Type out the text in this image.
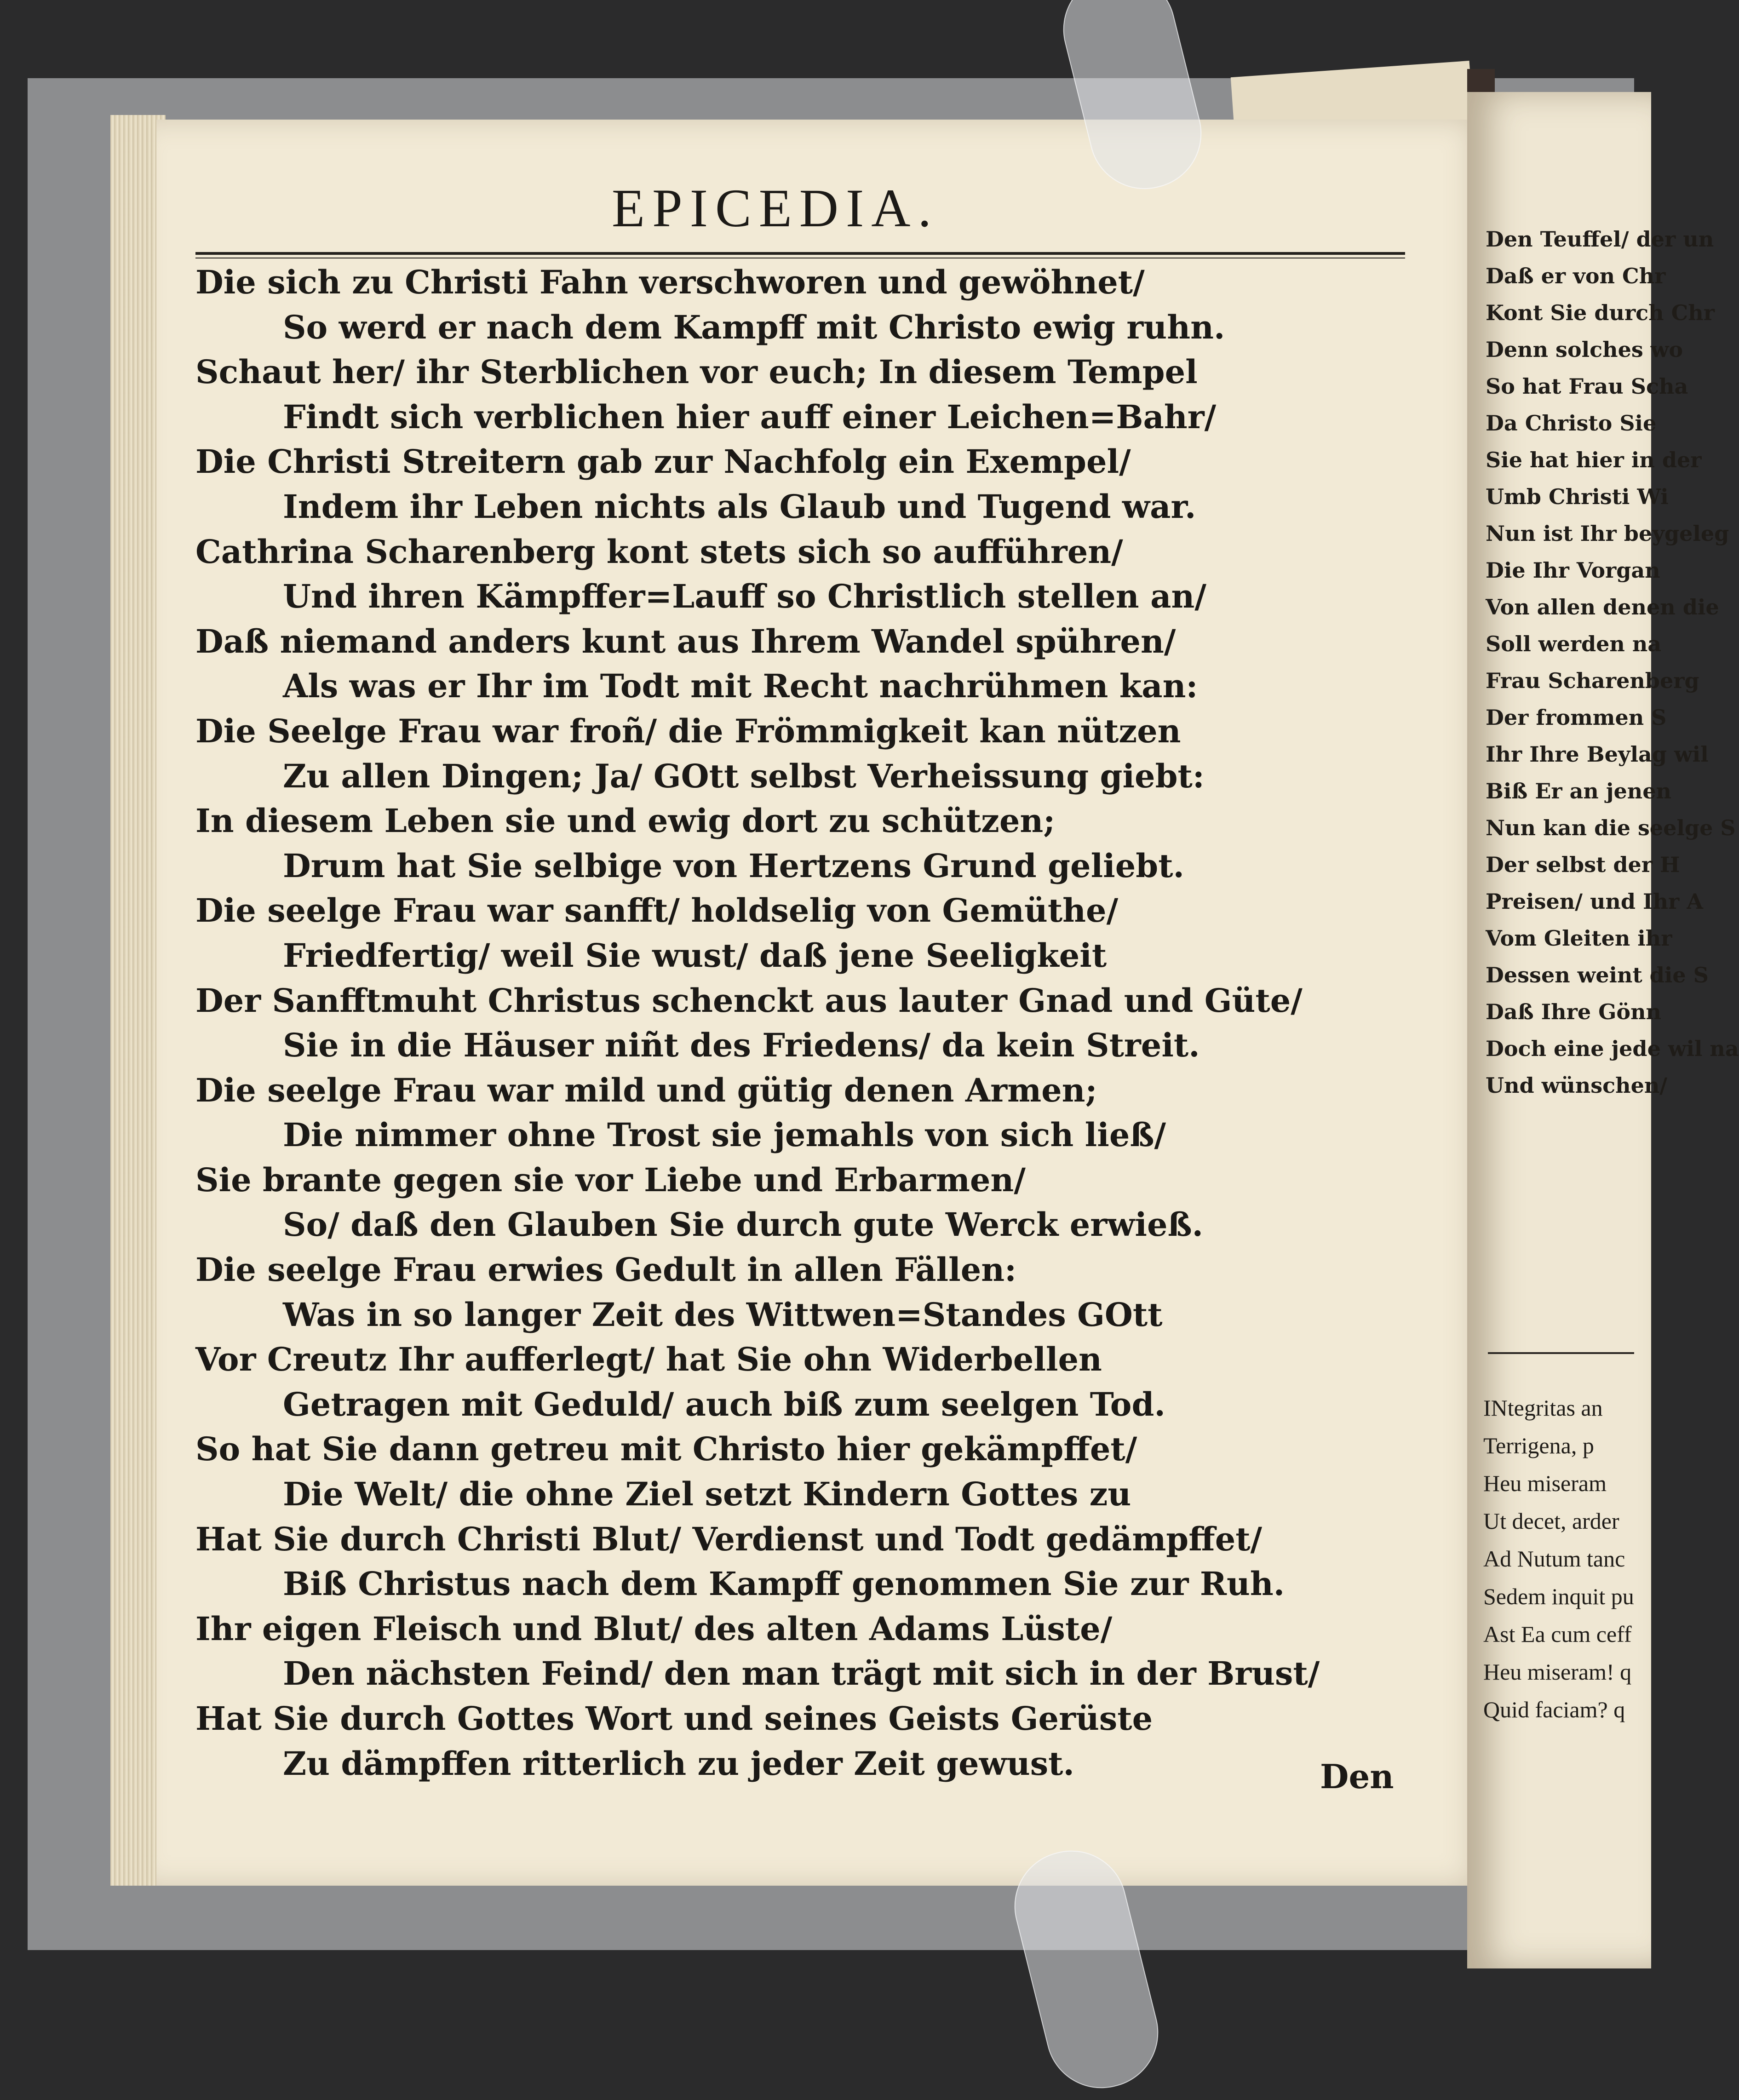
EPICEDIA.
Die sich zu Christi Fahn verschworen und gewöhnet/
So werd er nach dem Kampff mit Christo ewig ruhn.
Schaut her/ ihr Sterblichen vor euch; In diesem Tempel
Findt sich verblichen hier auff einer Leichen=Bahr/
Die Christi Streitern gab zur Nachfolg ein Exempel/
Indem ihr Leben nichts als Glaub und Tugend war.
Cathrina Scharenberg kont stets sich so aufführen/
Und ihren Kämpffer=Lauff so Christlich stellen an/
Daß niemand anders kunt aus Ihrem Wandel spühren/
Als was er Ihr im Todt mit Recht nachrühmen kan:
Die Seelge Frau war froñ/ die Frömmigkeit kan nützen
Zu allen Dingen; Ja/ GOtt selbst Verheissung giebt:
In diesem Leben sie und ewig dort zu schützen;
Drum hat Sie selbige von Hertzens Grund geliebt.
Die seelge Frau war sanfft/ holdselig von Gemüthe/
Friedfertig/ weil Sie wust/ daß jene Seeligkeit
Der Sanfftmuht Christus schenckt aus lauter Gnad und Güte/
Sie in die Häuser niñt des Friedens/ da kein Streit.
Die seelge Frau war mild und gütig denen Armen;
Die nimmer ohne Trost sie jemahls von sich ließ/
Sie brante gegen sie vor Liebe und Erbarmen/
So/ daß den Glauben Sie durch gute Werck erwieß.
Die seelge Frau erwies Gedult in allen Fällen:
Was in so langer Zeit des Wittwen=Standes GOtt
Vor Creutz Ihr aufferlegt/ hat Sie ohn Widerbellen
Getragen mit Geduld/ auch biß zum seelgen Tod.
So hat Sie dann getreu mit Christo hier gekämpffet/
Die Welt/ die ohne Ziel setzt Kindern Gottes zu
Hat Sie durch Christi Blut/ Verdienst und Todt gedämpffet/
Biß Christus nach dem Kampff genommen Sie zur Ruh.
Ihr eigen Fleisch und Blut/ des alten Adams Lüste/
Den nächsten Feind/ den man trägt mit sich in der Brust/
Hat Sie durch Gottes Wort und seines Geists Gerüste
Zu dämpffen ritterlich zu jeder Zeit gewust.	Den
Den Teuffel/ der un
Daß er von Chr
Kont Sie durch Chr
Denn solches wo
So hat Frau Scha
Da Christo Sie
Sie hat hier in der
Umb Christi Wi
Nun ist Ihr beygeleg
Die Ihr Vorgan
Von allen denen die
Soll werden na
Frau Scharenberg
Der frommen S
Ihr Ihre Beylag wil
Biß Er an jenen
Nun kan die seelge S
Der selbst der H
Preisen/ und Ihr A
Vom Gleiten ihr
Dessen weint die S
Daß Ihre Gönn
Doch eine jede wil na
Und wünschen/
INtegritas an
Terrigena, p
Heu miseram
Ut decet, arder
Ad Nutum tanc
Sedem inquit pu
Ast Ea cum ceff
Heu miseram! q
Quid faciam? q
